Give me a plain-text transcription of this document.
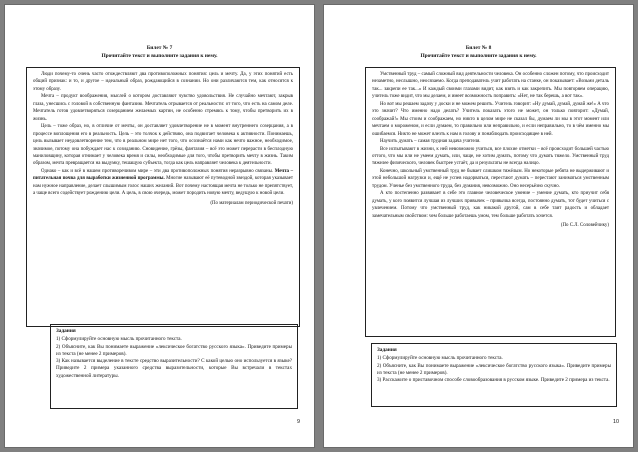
Билет № 7
Прочитайте текст и выполните задания к нему.

Люди почему-то очень часто отождествляют два противоположных понятия: цель и мечту. Да, у этих понятий есть общий признак: и то, и другое – идеальный образ, рождающийся в сознании. Но они различаются тем, как относятся к этому образу.

Мечта – продукт воображения, мыслей о котором доставляют чувство удовольствия. Не случайно мечтают, закрыв глаза, унесшись с головой в собственную фантазию. Мечтатель отрывается от реальности: от того, что есть на самом деле. Мечтатель готов удовлетворяться созерцанием желаемых картин, не особенно стремясь к тому, чтобы претворить их в жизнь.

Цель – тоже образ, но, в отличие от мечты, он доставляет удовлетворение не в момент внутреннего созерцания, а в процессе воплощения его в реальность. Цель – это толчок к действию, она подвигает человека к активности. Понимаешь, цель вызывает неудовлетворение тем, что в реальном мире нет того, что осознаётся нами как нечто важное, необходимое, значимое, потому она побуждает нас к созиданию. Сновидение, грёзы, фантазия – всё это может перерасти в бесплодную маниловщину, которая отнимает у человека время и силы, необходимые для того, чтобы претворить мечту в жизнь. Таким образом, мечта превращается на выдумку, тешащую субъекта, тогда как цель направляет человека к деятельности.

Однако – как и всё в нашем противоречивом мире – эти два противоположных понятия неразрывно связаны. Мечта – питательная почва для выработки жизненной программы. Многие называют её путеводной звездой, которая указывает нам нужное направление, делает слышимым голос наших желаний. Вот почему настоящая мечта не только не препятствует, а чаще всего содействует рождению цели. А цель, в свою очередь, может породить новую мечту, ведущую к новой цели.

(По материалам периодической печати)

Задания

1) Сформулируйте основную мысль прочитанного текста.

2) Объясните, как Вы понимаете выражение «лексическое богатство русского языка». Приведите примеры из текста (не менее 2 примеров).

3) Как называется выделение в тексте средство выразительности? С какой целью оно используется в языке? Приведите 2 примера указанного средства выразительности, которые Вы встречали в текстах художественной литературы.

9
Билет № 8
Прочитайте текст и выполните задания к нему.

Умственный труд – самый сложный вид деятельности человека. Он особенно сложен потому, что происходит незаметно, неслышно, неосязаемо. Когда преподаватель учит работать на станке, он показывает: «Возьми деталь так... закрепи ее так...» И каждый своими глазами видит, как взять и как закрепить. Мы повторяем операцию, учитель тоже видит, что мы делаем, и имеет возможность поправить: «Нет, не так берешь, а вот так».

Но вот мы решаем задачу у доски и не можем решить. Учитель говорит: «Ну думай, думай, думай же!» А что это значит? Что именно надо делать? Учитель показать этого не может, он только повторит: «Думай, соображай!» Мы стоим и соображаем, но никто в целом мире не сказал бы, думаем ли мы в этот момент или мечтаем о мороженом, и если думаем, то правильно или неправильно, и если неправильно, то в чём именно мы ошибаемся. Никто не может влезть к нам в голову и понаблюдать происходящее в ней.

Научить думать – самая трудная задача учителя.

Все испытывают в жизни, к ней невозможно учиться, все плохие отметки – всё происходит большей частью оттого, что мы или не умеем думать, или, чаще, не хотим думать, потому что думать тяжело. Умственный труд тяжелее физического, человек быстрее устаёт, да и результаты не всегда налицо.

Конечно, школьный умственный труд не бывает слишком тяжёлым. Но некоторые ребята не выдерживают и этой небольшой нагрузки и, ещё не успев надорваться, перестают думать – перестают заниматься умственным трудом. Ученье без умственного труда, без думания, невозможно. Оно несерьёзно скучно.

А кто постепенно развивает в себе это главное человеческое умение – умение думать, кто приучит себя думать, у кого появится лучшая из лучших привычек – привычка всегда, постоянно думать, тот будет учиться с увлечением. Потому что умственный труд, как никакой другой, сам в себе таит радость и обладает замечательным свойством: чем больше работаешь умом, тем больше работать хочется.

(По С.Л. Соловейчику)

Задания

1) Сформулируйте основную мысль прочитанного текста.

2) Объясните, как Вы понимаете выражение «лексическое богатство русского языка». Приведите примеры из текста (не менее 2 примеров).

3) Расскажите о приставочном способе словообразования в русском языке. Приведите 2 примера из текста.

10
